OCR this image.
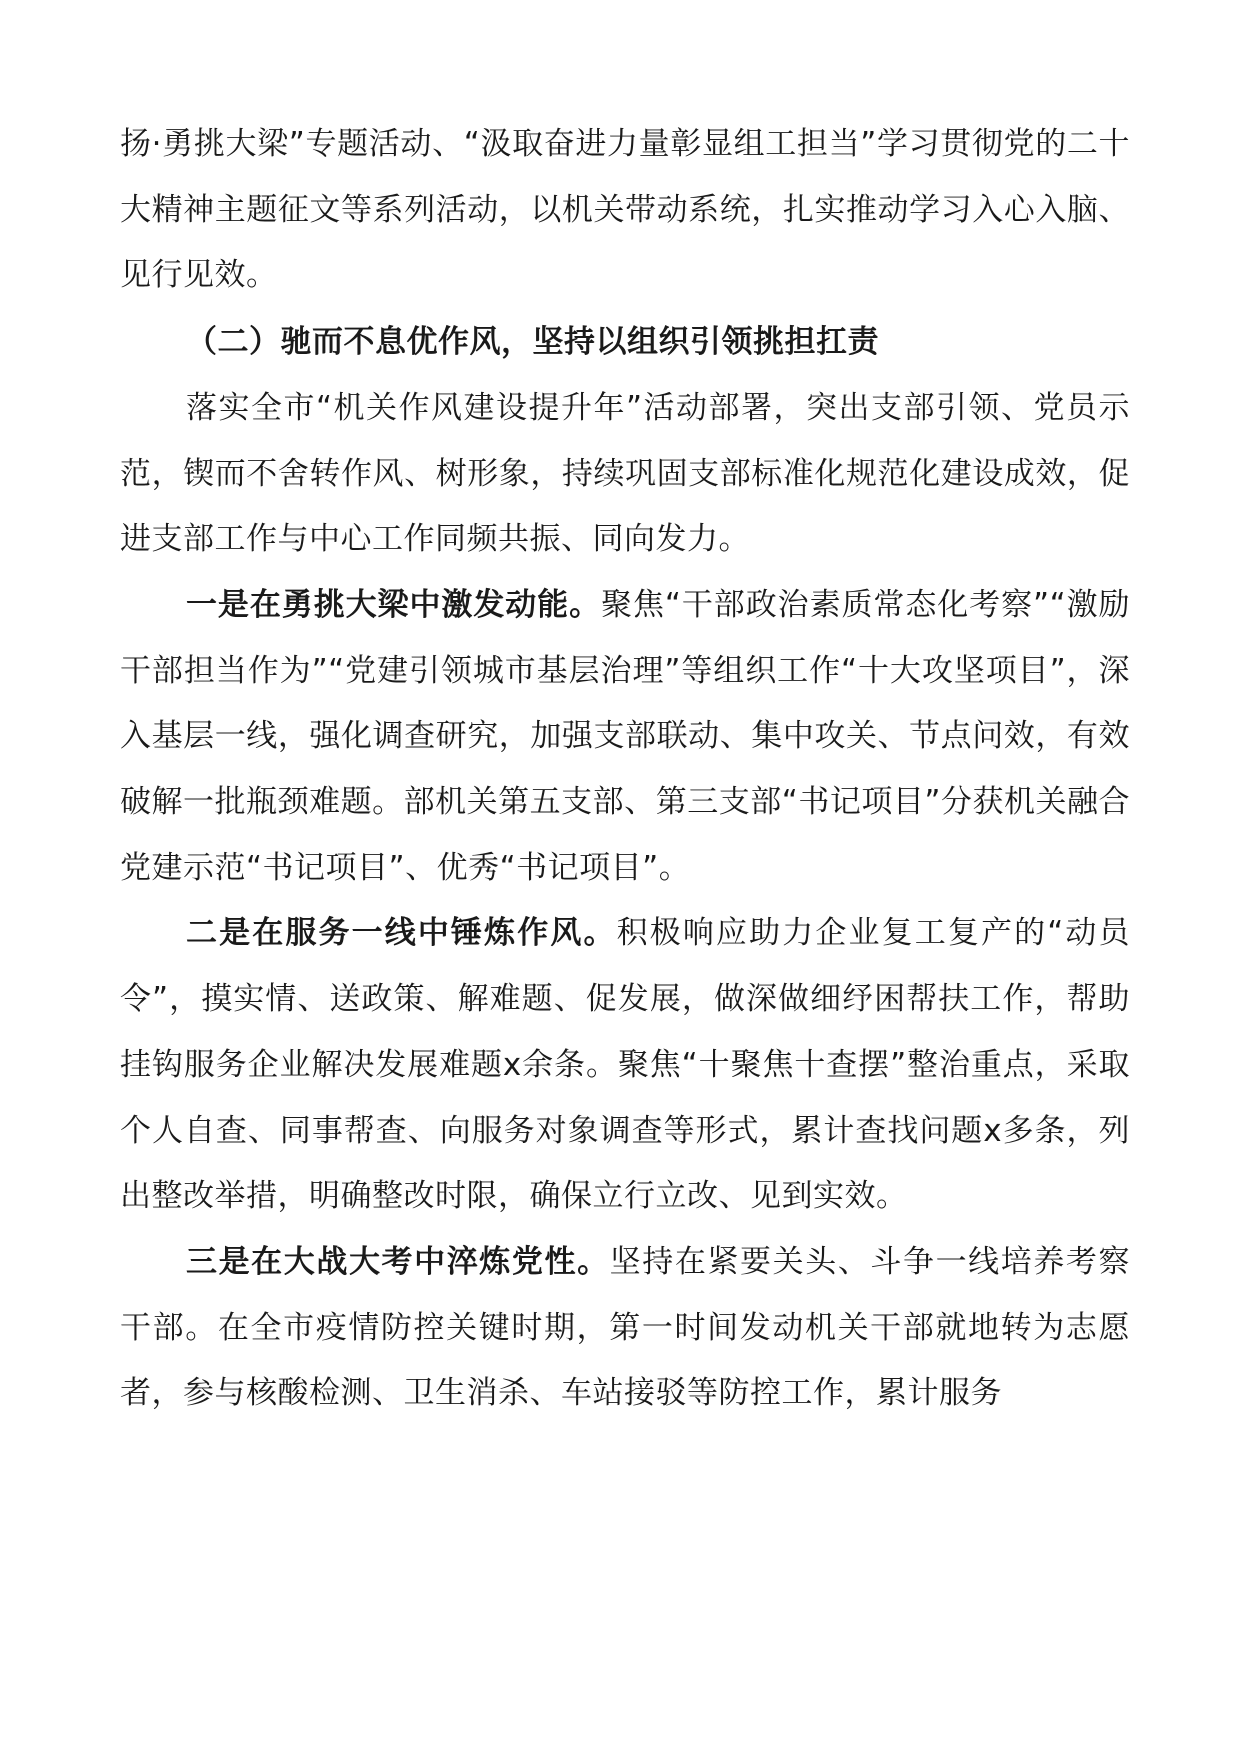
扬·勇挑大梁”专题活动、“汲取奋进力量彰显组工担当”学习贯彻党的二十大精神主题征文等系列活动，以机关带动系统，扎实推动学习入心入脑、见行见效。

（二）驰而不息优作风，坚持以组织引领挑担扛责

落实全市“机关作风建设提升年”活动部署，突出支部引领、党员示范，锲而不舍转作风、树形象，持续巩固支部标准化规范化建设成效，促进支部工作与中心工作同频共振、同向发力。

一是在勇挑大梁中激发动能。聚焦“干部政治素质常态化考察”“激励干部担当作为”“党建引领城市基层治理”等组织工作“十大攻坚项目”，深入基层一线，强化调查研究，加强支部联动、集中攻关、节点问效，有效破解一批瓶颈难题。部机关第五支部、第三支部“书记项目”分获机关融合党建示范“书记项目”、优秀“书记项目”。

二是在服务一线中锤炼作风。积极响应助力企业复工复产的“动员令”，摸实情、送政策、解难题、促发展，做深做细纾困帮扶工作，帮助挂钩服务企业解决发展难题x余条。聚焦“十聚焦十查摆”整治重点，采取个人自查、同事帮查、向服务对象调查等形式，累计查找问题x多条，列出整改举措，明确整改时限，确保立行立改、见到实效。

三是在大战大考中淬炼党性。坚持在紧要关头、斗争一线培养考察干部。在全市疫情防控关键时期，第一时间发动机关干部就地转为志愿者，参与核酸检测、卫生消杀、车站接驳等防控工作，累计服务
